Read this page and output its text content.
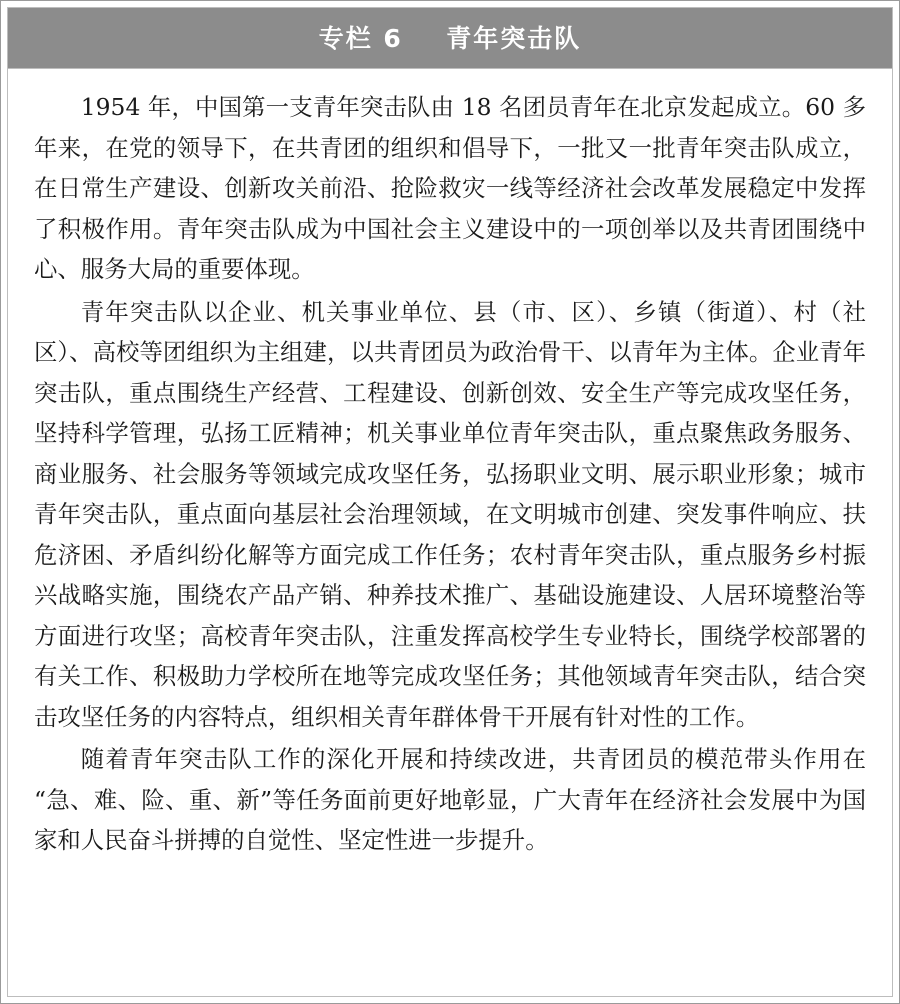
专栏 6 青年突击队

1954 年，中国第一支青年突击队由 18 名团员青年在北京发起成立。60 多年来，在党的领导下，在共青团的组织和倡导下，一批又一批青年突击队成立，在日常生产建设、创新攻关前沿、抢险救灾一线等经济社会改革发展稳定中发挥了积极作用。青年突击队成为中国社会主义建设中的一项创举以及共青团围绕中心、服务大局的重要体现。

青年突击队以企业、机关事业单位、县（市、区）、乡镇（街道）、村（社区）、高校等团组织为主组建，以共青团员为政治骨干、以青年为主体。企业青年突击队，重点围绕生产经营、工程建设、创新创效、安全生产等完成攻坚任务，坚持科学管理，弘扬工匠精神；机关事业单位青年突击队，重点聚焦政务服务、商业服务、社会服务等领域完成攻坚任务，弘扬职业文明、展示职业形象；城市青年突击队，重点面向基层社会治理领域，在文明城市创建、突发事件响应、扶危济困、矛盾纠纷化解等方面完成工作任务；农村青年突击队，重点服务乡村振兴战略实施，围绕农产品产销、种养技术推广、基础设施建设、人居环境整治等方面进行攻坚；高校青年突击队，注重发挥高校学生专业特长，围绕学校部署的有关工作、积极助力学校所在地等完成攻坚任务；其他领域青年突击队，结合突击攻坚任务的内容特点，组织相关青年群体骨干开展有针对性的工作。

随着青年突击队工作的深化开展和持续改进，共青团员的模范带头作用在“急、难、险、重、新”等任务面前更好地彰显，广大青年在经济社会发展中为国家和人民奋斗拼搏的自觉性、坚定性进一步提升。
